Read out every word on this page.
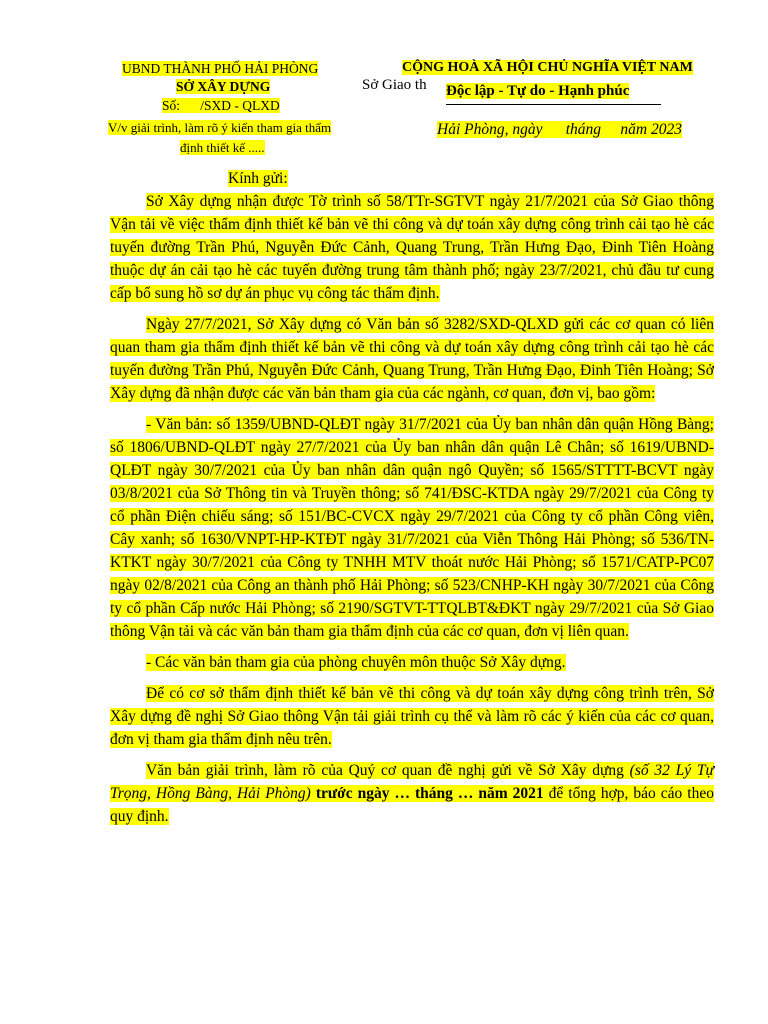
UBND THÀNH PHỐ HẢI PHÒNG
SỞ XÂY DỰNG
Số:      /SXD - QLXD
V/v giải trình, làm rõ ý kiến tham gia thẩm
định thiết kế .....
CỘNG HOÀ XÃ HỘI CHỦ NGHĨA VIỆT NAM
Sở Giao th Độc lập - Tự do - Hạnh phúc
Hải Phòng, ngày      tháng     năm 2023
Kính gửi:

Sở Xây dựng nhận được Tờ trình số 58/TTr-SGTVT ngày 21/7/2021 của Sở Giao thông Vận tải về việc thẩm định thiết kế bản vẽ thi công và dự toán xây dựng công trình cải tạo hè các tuyến đường Trần Phú, Nguyễn Đức Cảnh, Quang Trung, Trần Hưng Đạo, Đinh Tiên Hoàng thuộc dự án cải tạo hè các tuyến đường trung tâm thành phố; ngày 23/7/2021, chủ đầu tư cung cấp bổ sung hồ sơ dự án phục vụ công tác thẩm định.

Ngày 27/7/2021, Sở Xây dựng có Văn bản số 3282/SXD-QLXD gửi các cơ quan có liên quan tham gia thẩm định thiết kế bản vẽ thi công và dự toán xây dựng công trình cải tạo hè các tuyến đường Trần Phú, Nguyễn Đức Cảnh, Quang Trung, Trần Hưng Đạo, Đinh Tiên Hoàng; Sở Xây dựng đã nhận được các văn bản tham gia của các ngành, cơ quan, đơn vị, bao gồm:

- Văn bản: số 1359/UBND-QLĐT ngày 31/7/2021 của Ủy ban nhân dân quận Hồng Bàng; số 1806/UBND-QLĐT ngày 27/7/2021 của Ủy ban nhân dân quận Lê Chân; số 1619/UBND-QLĐT ngày 30/7/2021 của Ủy ban nhân dân quận ngô Quyền; số 1565/STTTT-BCVT ngày 03/8/2021 của Sở Thông tin và Truyền thông; số 741/ĐSC-KTDA ngày 29/7/2021 của Công ty cổ phần Điện chiếu sáng; số 151/BC-CVCX ngày 29/7/2021 của Công ty cổ phần Công viên, Cây xanh; số 1630/VNPT-HP-KTĐT ngày 31/7/2021 của Viễn Thông Hải Phòng; số 536/TN-KTKT ngày 30/7/2021 của Công ty TNHH MTV thoát nước Hải Phòng; số 1571/CATP-PC07 ngày 02/8/2021 của Công an thành phố Hải Phòng; số 523/CNHP-KH ngày 30/7/2021 của Công ty cổ phần Cấp nước Hải Phòng; số 2190/SGTVT-TTQLBT&ĐKT ngày 29/7/2021 của Sở Giao thông Vận tải và các văn bản tham gia thẩm định của các cơ quan, đơn vị liên quan.

- Các văn bản tham gia của phòng chuyên môn thuộc Sở Xây dựng.

Để có cơ sở thẩm định thiết kế bản vẽ thi công và dự toán xây dựng công trình trên, Sở Xây dựng đề nghị Sở Giao thông Vận tải giải trình cụ thể và làm rõ các ý kiến của các cơ quan, đơn vị tham gia thẩm định nêu trên.

Văn bản giải trình, làm rõ của Quý cơ quan đề nghị gửi về Sở Xây dựng (số 32 Lý Tự Trọng, Hồng Bàng, Hải Phòng) trước ngày … tháng … năm 2021 để tổng hợp, báo cáo theo quy định.
